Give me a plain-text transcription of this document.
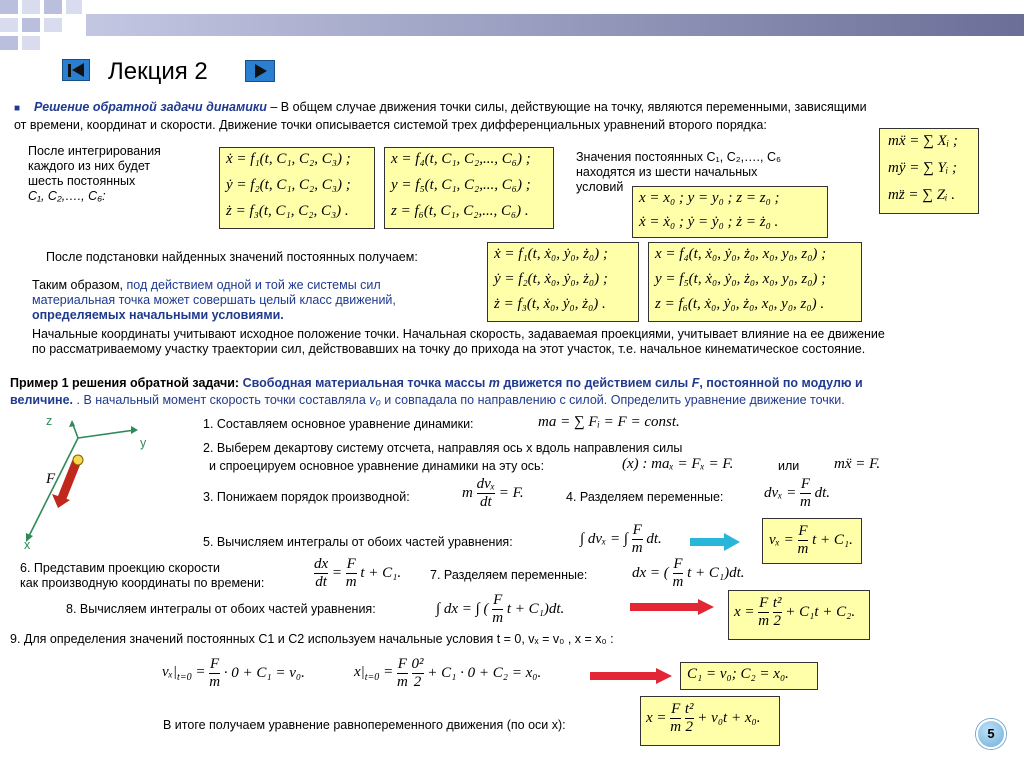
Лекция 2
■ Решение обратной задачи динамики – В общем случае движения точки силы, действующие на точку, являются переменными, зависящими
от времени, координат и скорости. Движение точки описывается системой трех дифференциальных уравнений второго порядка:
mẍ = ∑ Xᵢ ;
mÿ = ∑ Yᵢ ;
mz̈ = ∑ Zᵢ .
После интегрирования
каждого из них будет
шесть постоянных
C₁, C₂,…., C₆:
ẋ = f₁(t, C₁, C₂, C₃) ;
ẏ = f₂(t, C₁, C₂, C₃) ;
ż = f₃(t, C₁, C₂, C₃) .
x = f₄(t, C₁, C₂,..., C₆) ;
y = f₅(t, C₁, C₂,..., C₆) ;
z = f₆(t, C₁, C₂,..., C₆) .
Значения постоянных C₁, C₂,…., C₆
находятся из шести начальных
условий
x = x₀ ; y = y₀ ; z = z₀ ;
ẋ = ẋ₀ ; ẏ = ẏ₀ ; ż = ż₀ .
После подстановки найденных значений постоянных получаем:	ẋ = f₁(t, ẋ₀, ẏ₀, ż₀) ;
ẏ = f₂(t, ẋ₀, ẏ₀, ż₀) ;
ż = f₃(t, ẋ₀, ẏ₀, ż₀) .
x = f₄(t, ẋ₀, ẏ₀, ż₀, x₀, y₀, z₀) ;
y = f₅(t, ẋ₀, ẏ₀, ż₀, x₀, y₀, z₀) ;
z = f₆(t, ẋ₀, ẏ₀, ż₀, x₀, y₀, z₀) .
Таким образом, под действием одной и той же системы сил
материальная точка может совершать целый класс движений,
определяемых начальными условиями.
Начальные координаты учитывают исходное положение точки. Начальная скорость, задаваемая проекциями, учитывает влияние на ее движение
по рассматриваемому участку траектории сил, действовавших на точку до прихода на этот участок, т.е. начальное кинематическое состояние.
Пример 1 решения обратной задачи: Свободная материальная точка массы m движется по действием силы F, постоянной по модулю и
величине. . В начальный момент скорость точки составляла v₀ и совпадала по направлению с силой. Определить уравнение движение точки.
z
y
x
F
1. Составляем основное уравнение динамики:	ma = ∑ Fᵢ = F = const.
2. Выберем декартову систему отсчета, направляя ось x вдоль направления силы
и спроецируем основное уравнение динамики на эту ось:	(x) : maₓ = Fₓ = F.	или mẍ = F.
3. Понижаем порядок производной:	m
dvₓ
dt
= F.	4. Разделяем переменные:	$dv_x = \frac{F}{m}$ dt.
5. Вычисляем интегралы от обоих частей уравнения:	∫ dvₓ = ∫ $\frac{F}{m}$ dt.	$v_x = \frac{F}{m}$ t + C₁.
6. Представим проекцию скорости
как производную координаты по времени:	$\frac{dx}{dt} = \frac{F}{m}$ t + C₁. 7. Разделяем переменные:	dx = ( $\frac{F}{m}$ t + C₁)dt.
8. Вычисляем интегралы от обоих частей уравнения:	∫ dx = ∫ ( $\frac{F}{m}$ t + C₁)dt.	$x = \frac{F}{m}$
$\frac{\text{t²}}{2} + C_1t + C_2$.
9. Для определения значений постоянных C1 и C2 используем начальные условия t = 0, vₓ = v₀ , x = x₀ :
$v_x|_{t=0} = \frac{F}{m} \cdot 0 + C_1 = v_0$.	$x|_{t=0} = \frac{F}{m}$
$\frac{\text{0²}}{2} + C_1 \cdot 0 + C_2 = x_0$.	C₁ = v₀; C₂ = x₀.
В итоге получаем уравнение равнопеременного движения (по оси x):	$x = \frac{F}{m}$
$\frac{\text{t²}}{2} + v_0t + x_0$.
5
